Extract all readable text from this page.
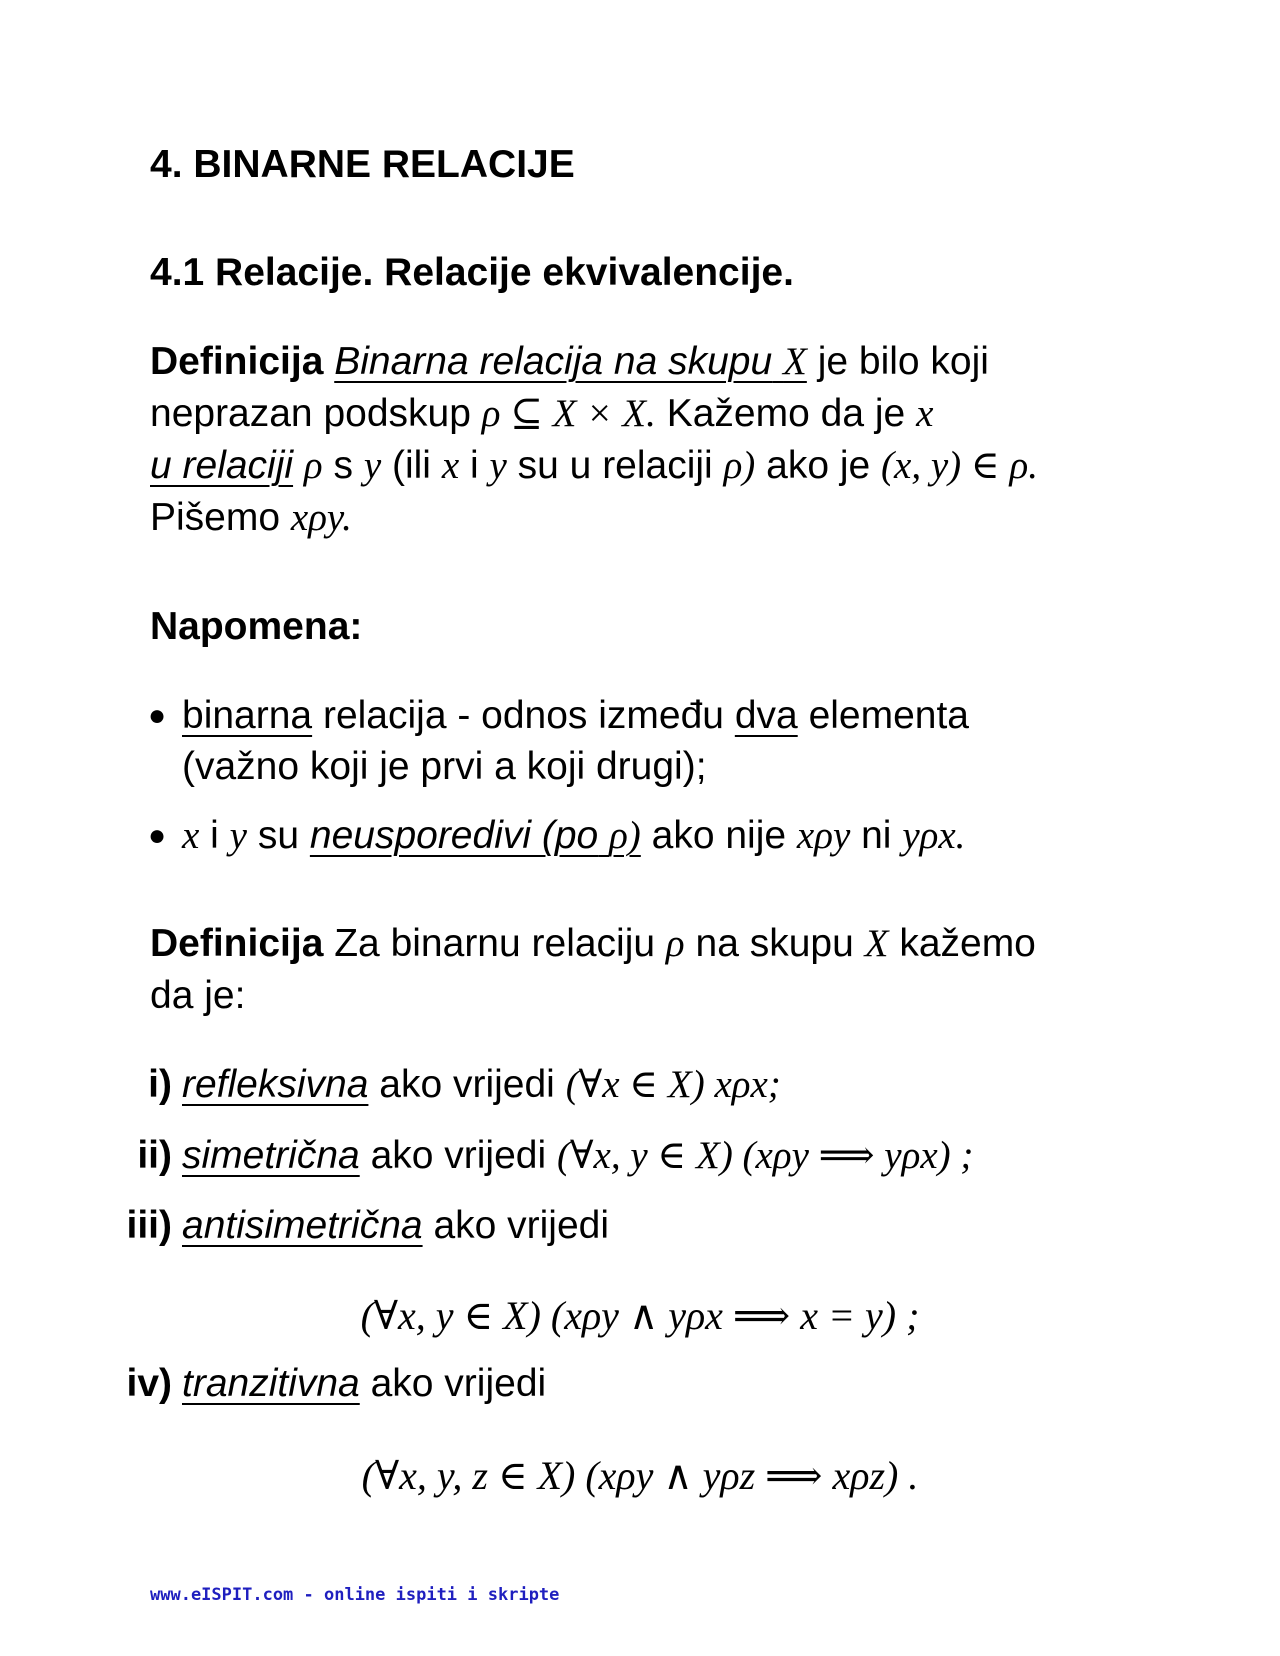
4. BINARNE RELACIJE
4.1 Relacije. Relacije ekvivalencije.
Definicija Binarna relacija na skupu X je bilo koji
neprazan podskup ρ ⊆ X × X. Kažemo da je x
u relaciji ρ s y (ili x i y su u relaciji ρ) ako je (x, y) ∈ ρ.
Pišemo xρy.
Napomena:
● binarna relacija - odnos između dva elementa
(važno koji je prvi a koji drugi);
● x i y su neusporedivi (po ρ) ako nije xρy ni yρx.
Definicija Za binarnu relaciju ρ na skupu X kažemo
da je:
i) refleksivna ako vrijedi (∀x ∈ X) xρx;
ii) simetrična ako vrijedi (∀x, y ∈ X) (xρy ⟹ yρx) ;
iii) antisimetrična ako vrijedi
(∀x, y ∈ X) (xρy ∧ yρx ⟹ x = y) ;
iv) tranzitivna ako vrijedi
(∀x, y, z ∈ X) (xρy ∧ yρz ⟹ xρz) .
www.eISPIT.com - online ispiti i skripte
